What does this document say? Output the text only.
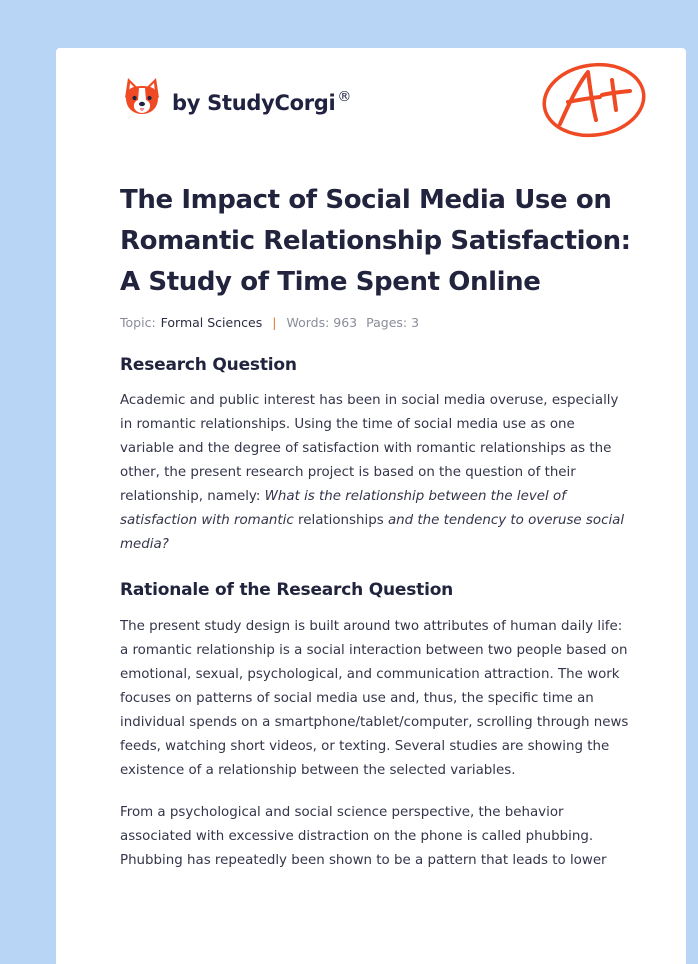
by StudyCorgi ®
The Impact of Social Media Use on Romantic Relationship Satisfaction: A Study of Time Spent Online
Topic: Formal Sciences | Words: 963 Pages: 3
Research Question

Academic and public interest has been in social media overuse, especially in romantic relationships. Using the time of social media use as one variable and the degree of satisfaction with romantic relationships as the other, the present research project is based on the question of their relationship, namely: What is the relationship between the level of satisfaction with romantic relationships and the tendency to overuse social media?

Rationale of the Research Question

The present study design is built around two attributes of human daily life: a romantic relationship is a social interaction between two people based on emotional, sexual, psychological, and communication attraction. The work focuses on patterns of social media use and, thus, the specific time an individual spends on a smartphone/tablet/computer, scrolling through news feeds, watching short videos, or texting. Several studies are showing the existence of a relationship between the selected variables.

From a psychological and social science perspective, the behavior associated with excessive distraction on the phone is called phubbing. Phubbing has repeatedly been shown to be a pattern that leads to lower
